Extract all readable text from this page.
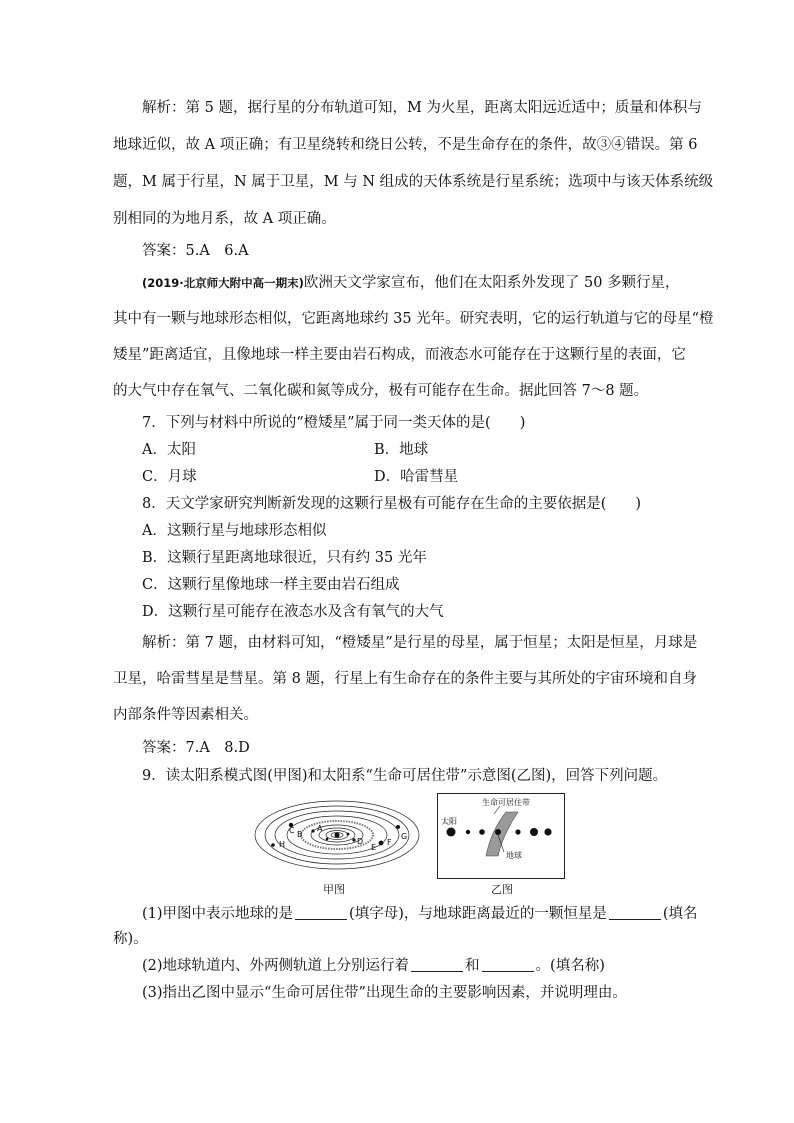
解析：第 5 题，据行星的分布轨道可知，M 为火星，距离太阳远近适中；质量和体积与
地球近似，故 A 项正确；有卫星绕转和绕日公转，不是生命存在的条件，故③④错误。第 6
题，M 属于行星，N 属于卫星，M 与 N 组成的天体系统是行星系统；选项中与该天体系统级
别相同的为地月系，故 A 项正确。
答案：5.A　6.A
(2019·北京师大附中高一期末)欧洲天文学家宣布，他们在太阳系外发现了 50 多颗行星，
其中有一颗与地球形态相似，它距离地球约 35 光年。研究表明，它的运行轨道与它的母星“橙
矮星”距离适宜，且像地球一样主要由岩石构成，而液态水可能存在于这颗行星的表面，它
的大气中存在氧气、二氧化碳和氮等成分，极有可能存在生命。据此回答 7～8 题。
7．下列与材料中所说的“橙矮星”属于同一类天体的是(　　)
A．太阳	B．地球
C．月球	D．哈雷彗星
8．天文学家研究判断新发现的这颗行星极有可能存在生命的主要依据是(　　)
A．这颗行星与地球形态相似
B．这颗行星距离地球很近，只有约 35 光年
C．这颗行星像地球一样主要由岩石组成
D．这颗行星可能存在液态水及含有氧气的大气
解析：第 7 题，由材料可知，“橙矮星”是行星的母星，属于恒星；太阳是恒星，月球是
卫星，哈雷彗星是彗星。第 8 题，行星上有生命存在的条件主要与其所处的宇宙环境和自身
内部条件等因素相关。
答案：7.A　8.D
9．读太阳系模式图(甲图)和太阳系“生命可居住带”示意图(乙图)，回答下列问题。
A
B
C
D
E
F
G
H
甲图
生命可居住带
太阳
地球
乙图
(1)甲图中表示地球的是	(填字母)，与地球距离最近的一颗恒星是	(填名
称)。
(2)地球轨道内、外两侧轨道上分别运行着	和	。(填名称)
(3)指出乙图中显示“生命可居住带”出现生命的主要影响因素，并说明理由。
